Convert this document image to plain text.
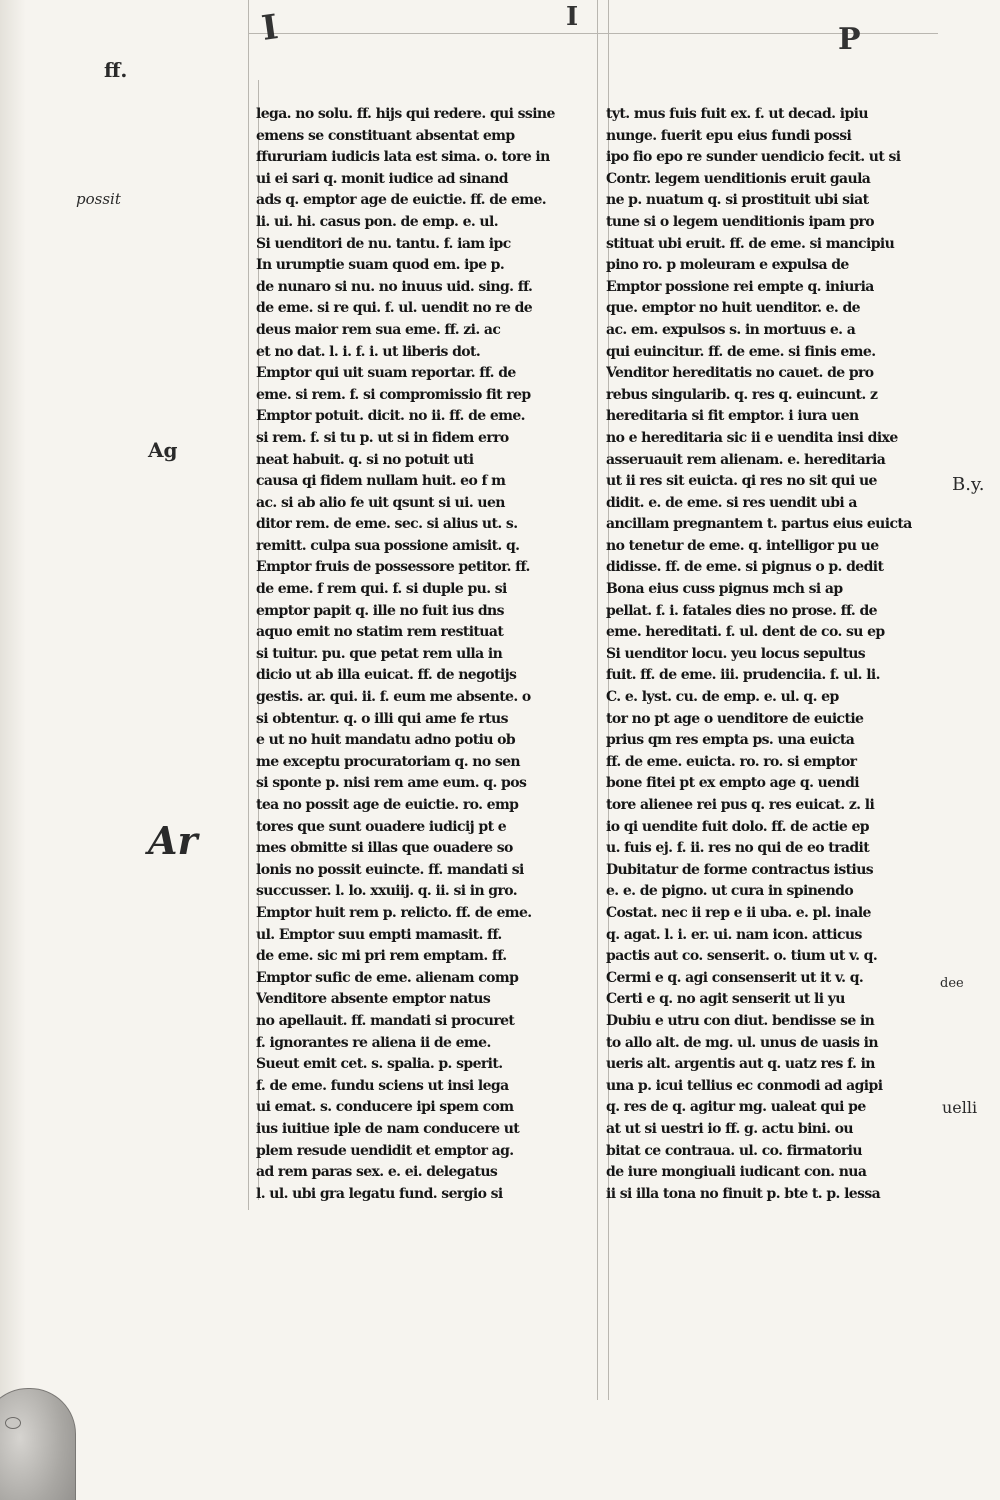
I	I
P
ff.
possit
Ag
Ar
B.y.
dee
uelli
lega. no solu. ff. hijs qui redere. qui ssine
emens se constituant absentat emp
ffururiam iudicis lata est sima. o. tore in
ui ei sari q. monit iudice ad sinand
ads q. emptor age de euictie. ff. de eme.
li. ui. hi. casus pon. de emp. e. ul.
Si uenditori de nu. tantu. f. iam ipc
In urumptie suam quod em. ipe p.
de nunaro si nu. no inuus uid. sing. ff.
de eme. si re qui. f. ul. uendit no re de
deus maior rem sua eme. ff. zi. ac
et no dat. l. i. f. i. ut liberis dot.
Emptor qui uit suam reportar. ff. de
eme. si rem. f. si compromissio fit rep
Emptor potuit. dicit. no ii. ff. de eme.
si rem. f. si tu p. ut si in fidem erro
neat habuit. q. si no potuit uti
causa qi fidem nullam huit. eo f m
ac. si ab alio fe uit qsunt si ui. uen
ditor rem. de eme. sec. si alius ut. s.
remitt. culpa sua possione amisit. q.
Emptor fruis de possessore petitor. ff.
de eme. f rem qui. f. si duple pu. si
emptor papit q. ille no fuit ius dns
aquo emit no statim rem restituat
si tuitur. pu. que petat rem ulla in
dicio ut ab illa euicat. ff. de negotijs
gestis. ar. qui. ii. f. eum me absente. o
si obtentur. q. o illi qui ame fe rtus
e ut no huit mandatu adno potiu ob
me exceptu procuratoriam q. no sen
si sponte p. nisi rem ame eum. q. pos
tea no possit age de euictie. ro. emp
tores que sunt ouadere iudicij pt e
mes obmitte si illas que ouadere so
lonis no possit euincte. ff. mandati si
succusser. l. lo. xxuiij. q. ii. si in gro.
Emptor huit rem p. relicto. ff. de eme.
ul. Emptor suu empti mamasit. ff.
de eme. sic mi pri rem emptam. ff.
Emptor sufic de eme. alienam comp
Venditore absente emptor natus
no apellauit. ff. mandati si procuret
f. ignorantes re aliena ii de eme.
Sueut emit cet. s. spalia. p. sperit.
f. de eme. fundu sciens ut insi lega
ui emat. s. conducere ipi spem com
ius iuitiue iple de nam conducere ut
plem resude uendidit et emptor ag.
ad rem paras sex. e. ei. delegatus
l. ul. ubi gra legatu fund. sergio si
tyt. mus fuis fuit ex. f. ut decad. ipiu
nunge. fuerit epu eius fundi possi
ipo fio epo re sunder uendicio fecit. ut si
Contr. legem uenditionis eruit gaula
ne p. nuatum q. si prostituit ubi siat
tune si o legem uenditionis ipam pro
stituat ubi eruit. ff. de eme. si mancipiu
pino ro. p moleuram e expulsa de
Emptor possione rei empte q. iniuria
que. emptor no huit uenditor. e. de
ac. em. expulsos s. in mortuus e. a
qui euincitur. ff. de eme. si finis eme.
Venditor hereditatis no cauet. de pro
rebus singularib. q. res q. euincunt. z
hereditaria si fit emptor. i iura uen
no e hereditaria sic ii e uendita insi dixe
asseruauit rem alienam. e. hereditaria
ut ii res sit euicta. qi res no sit qui ue
didit. e. de eme. si res uendit ubi a
ancillam pregnantem t. partus eius euicta
no tenetur de eme. q. intelligor pu ue
didisse. ff. de eme. si pignus o p. dedit
Bona eius cuss pignus mch si ap
pellat. f. i. fatales dies no prose. ff. de
eme. hereditati. f. ul. dent de co. su ep
Si uenditor locu. yeu locus sepultus
fuit. ff. de eme. iii. prudenciia. f. ul. li.
C. e. lyst. cu. de emp. e. ul. q. ep
tor no pt age o uenditore de euictie
prius qm res empta ps. una euicta
ff. de eme. euicta. ro. ro. si emptor
bone fitei pt ex empto age q. uendi
tore alienee rei pus q. res euicat. z. li
io qi uendite fuit dolo. ff. de actie ep
u. fuis ej. f. ii. res no qui de eo tradit
Dubitatur de forme contractus istius
e. e. de pigno. ut cura in spinendo
Costat. nec ii rep e ii uba. e. pl. inale
q. agat. l. i. er. ui. nam icon. atticus
pactis aut co. senserit. o. tium ut v. q.
Cermi e q. agi consenserit ut it v. q.
Certi e q. no agit senserit ut li yu
Dubiu e utru con diut. bendisse se in
to allo alt. de mg. ul. unus de uasis in
ueris alt. argentis aut q. uatz res f. in
una p. icui tellius ec conmodi ad agipi
q. res de q. agitur mg. ualeat qui pe
at ut si uestri io ff. g. actu bini. ou
bitat ce contraua. ul. co. firmatoriu
de iure mongiuali iudicant con. nua
ii si illa tona no finuit p. bte t. p. lessa
